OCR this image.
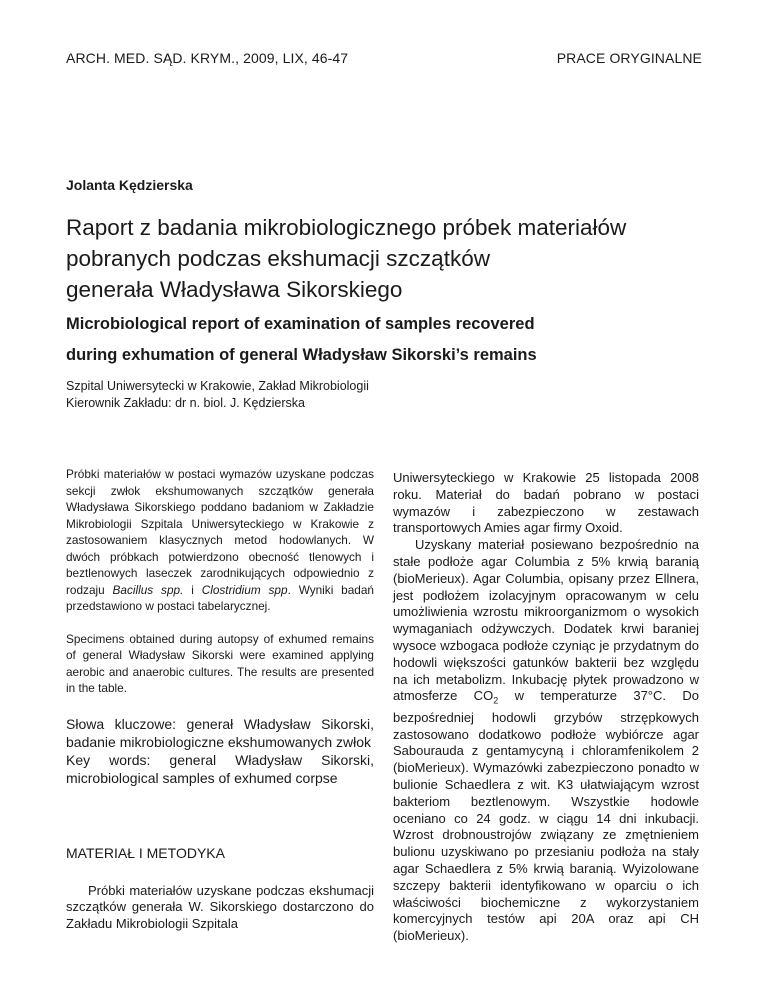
ARCH. MED. SĄD. KRYM., 2009, LIX, 46-47	PRACE ORYGINALNE
Jolanta Kędzierska
Raport z badania mikrobiologicznego próbek materiałów
pobranych podczas ekshumacji szczątków
generała Władysława Sikorskiego
Microbiological report of examination of samples recovered
during exhumation of general Władysław Sikorski’s remains
Szpital Uniwersytecki w Krakowie, Zakład Mikrobiologii
Kierownik Zakładu: dr n. biol. J. Kędzierska

Próbki materiałów w postaci wymazów uzyskane podczas sekcji zwłok ekshumowanych szczątków generała Władysława Sikorskiego poddano badaniom w Zakładzie Mikrobiologii Szpitala Uniwersyteckiego w Krakowie z zastosowaniem klasycznych metod hodowlanych. W dwóch próbkach potwierdzono obecność tlenowych i beztlenowych laseczek zarodnikujących odpowiednio z rodzaju Bacillus spp. i Clostridium spp. Wyniki badań przedstawiono w postaci tabelarycznej.

Specimens obtained during autopsy of exhumed remains of general Władysław Sikorski were examined applying aerobic and anaerobic cultures. The results are presented in the table.

Słowa kluczowe: generał Władysław Sikorski, badanie mikrobiologiczne ekshumowanych zwłok

Key words: general Władysław Sikorski, microbiological samples of exhumed corpse

MATERIAŁ I METODYKA

Próbki materiałów uzyskane podczas ekshumacji szczątków generała W. Sikorskiego dostarczono do Zakładu Mikrobiologii Szpitala

Uniwersyteckiego w Krakowie 25 listopada 2008 roku. Materiał do badań pobrano w postaci wymazów i zabezpieczono w zestawach transportowych Amies agar firmy Oxoid.

Uzyskany materiał posiewano bezpośrednio na stałe podłoże agar Columbia z 5% krwią baranią (bioMerieux). Agar Columbia, opisany przez Ellnera, jest podłożem izolacyjnym opracowanym w celu umożliwienia wzrostu mikroorganizmom o wysokich wymaganiach odżywczych. Dodatek krwi baraniej wysoce wzbogaca podłoże czyniąc je przydatnym do hodowli większości gatunków bakterii bez względu na ich metabolizm. Inkubację płytek prowadzono w atmosferze $CO_2$ w temperaturze 37°C. Do bezpośredniej hodowli grzybów strzępkowych zastosowano dodatkowo podłoże wybiórcze agar Sabourauda z gentamycyną i chloramfenikolem 2 (bioMerieux). Wymazówki zabezpieczono ponadto w bulionie Schaedlera z wit. K3 ułatwiającym wzrost bakteriom beztlenowym. Wszystkie hodowle oceniano co 24 godz. w ciągu 14 dni inkubacji. Wzrost drobnoustrojów związany ze zmętnieniem bulionu uzyskiwano po przesianiu podłoża na stały agar Schaedlera z 5% krwią baranią. Wyizolowane szczepy bakterii identyfikowano w oparciu o ich właściwości biochemiczne z wykorzystaniem komercyjnych testów api 20A oraz api CH (bioMerieux).
